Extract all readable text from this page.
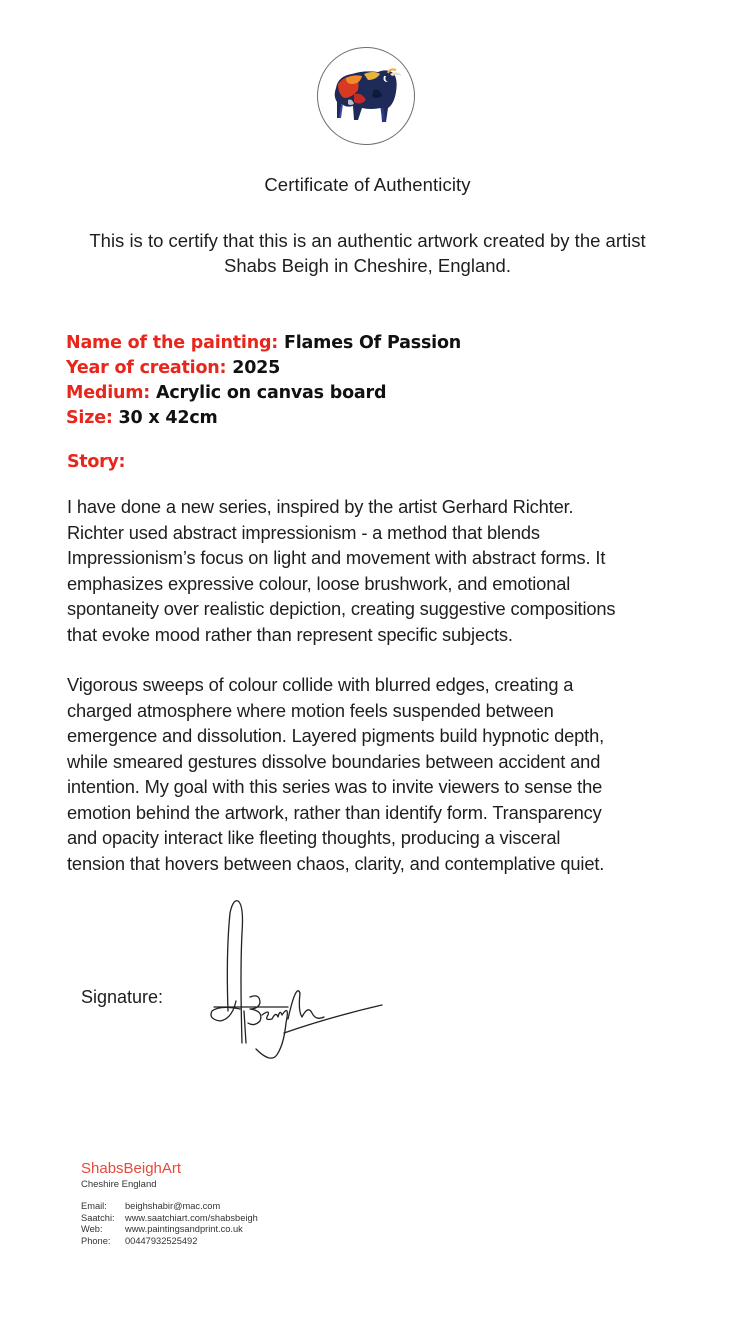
Certificate of Authenticity
This is to certify that this is an authentic artwork created by the artist
Shabs Beigh in Cheshire, England.
Name of the painting: Flames Of Passion
Year of creation: 2025
Medium: Acrylic on canvas board
Size: 30 x 42cm
Story:
I have done a new series, inspired by the artist Gerhard Richter.
Richter used abstract impressionism - a method that blends
Impressionism’s focus on light and movement with abstract forms. It
emphasizes expressive colour, loose brushwork, and emotional
spontaneity over realistic depiction, creating suggestive compositions
that evoke mood rather than represent specific subjects.
Vigorous sweeps of colour collide with blurred edges, creating a
charged atmosphere where motion feels suspended between
emergence and dissolution. Layered pigments build hypnotic depth,
while smeared gestures dissolve boundaries between accident and
intention. My goal with this series was to invite viewers to sense the
emotion behind the artwork, rather than identify form. Transparency
and opacity interact like fleeting thoughts, producing a visceral
tension that hovers between chaos, clarity, and contemplative quiet.
Signature:
ShabsBeighArt
Cheshire England
Email:	beighshabir@mac.com
Saatchi:	www.saatchiart.com/shabsbeigh
Web:	www.paintingsandprint.co.uk
Phone:	00447932525492
